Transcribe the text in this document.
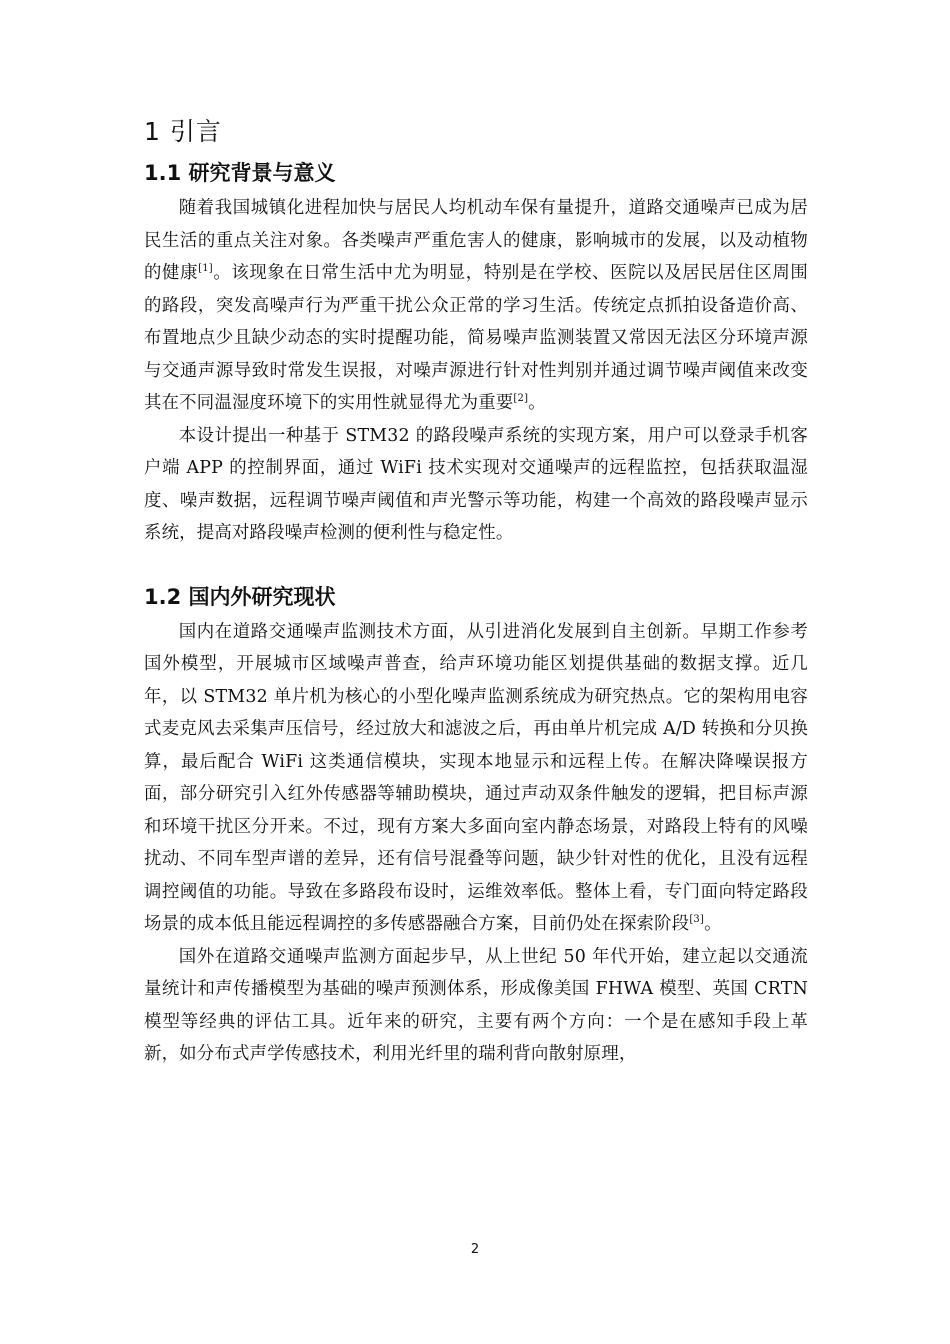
1 引言
1.1 研究背景与意义

随着我国城镇化进程加快与居民人均机动车保有量提升，道路交通噪声已成为居民生活的重点关注对象。各类噪声严重危害人的健康，影响城市的发展，以及动植物的健康[1]。该现象在日常生活中尤为明显，特别是在学校、医院以及居民居住区周围的路段，突发高噪声行为严重干扰公众正常的学习生活。传统定点抓拍设备造价高、布置地点少且缺少动态的实时提醒功能，简易噪声监测装置又常因无法区分环境声源与交通声源导致时常发生误报，对噪声源进行针对性判别并通过调节噪声阈值来改变其在不同温湿度环境下的实用性就显得尤为重要[2]。

本设计提出一种基于 STM32 的路段噪声系统的实现方案，用户可以登录手机客户端 APP 的控制界面，通过 WiFi 技术实现对交通噪声的远程监控，包括获取温湿度、噪声数据，远程调节噪声阈值和声光警示等功能，构建一个高效的路段噪声显示系统，提高对路段噪声检测的便利性与稳定性。

1.2 国内外研究现状

国内在道路交通噪声监测技术方面，从引进消化发展到自主创新。早期工作参考国外模型，开展城市区域噪声普查，给声环境功能区划提供基础的数据支撑。近几年，以 STM32 单片机为核心的小型化噪声监测系统成为研究热点。它的架构用电容式麦克风去采集声压信号，经过放大和滤波之后，再由单片机完成 A/D 转换和分贝换算，最后配合 WiFi 这类通信模块，实现本地显示和远程上传。在解决降噪误报方面，部分研究引入红外传感器等辅助模块，通过声动双条件触发的逻辑，把目标声源和环境干扰区分开来。不过，现有方案大多面向室内静态场景，对路段上特有的风噪扰动、不同车型声谱的差异，还有信号混叠等问题，缺少针对性的优化，且没有远程调控阈值的功能。导致在多路段布设时，运维效率低。整体上看，专门面向特定路段场景的成本低且能远程调控的多传感器融合方案，目前仍处在探索阶段[3]。

国外在道路交通噪声监测方面起步早，从上世纪 50 年代开始，建立起以交通流量统计和声传播模型为基础的噪声预测体系，形成像美国 FHWA 模型、英国 CRTN 模型等经典的评估工具。近年来的研究，主要有两个方向：一个是在感知手段上革新，如分布式声学传感技术，利用光纤里的瑞利背向散射原理，

2
